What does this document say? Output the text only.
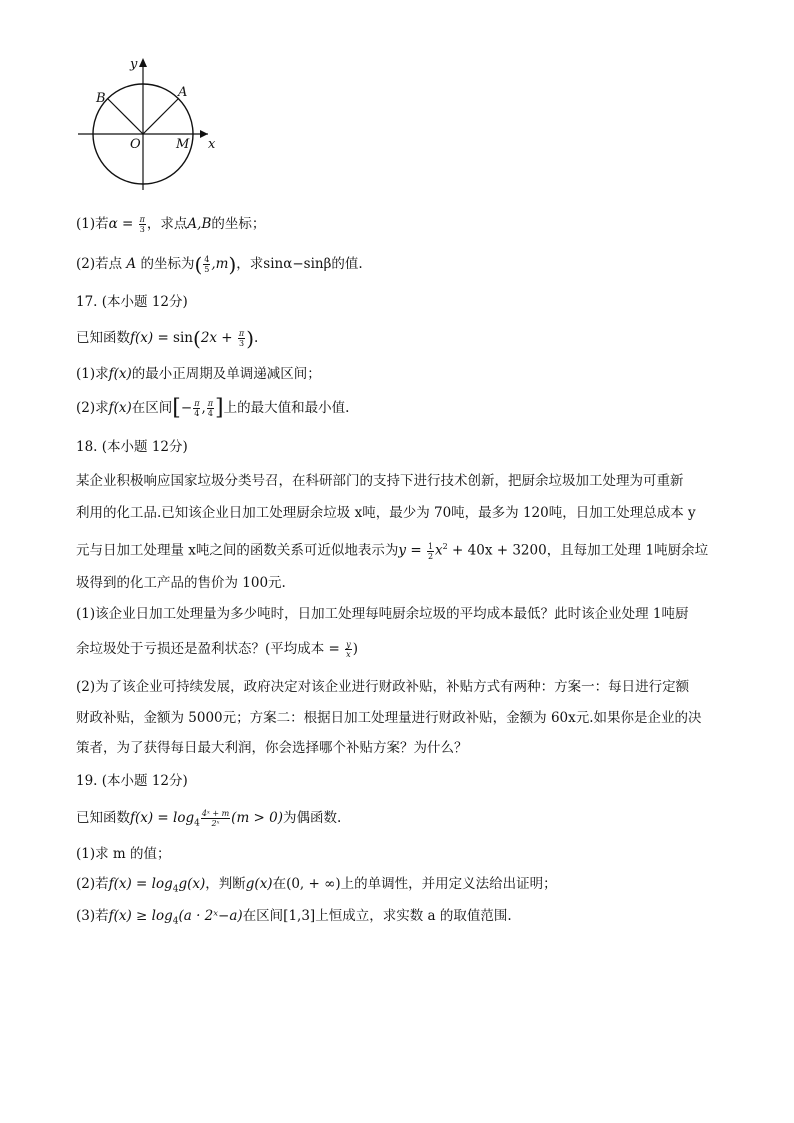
y
A
B
O	M x
(1)若$\alpha = \frac{\pi}{3}$ ，求点A,B的坐标；
(2)若点 A 的坐标为( $\frac{4}{5} ,m$)，求sinα−sinβ的值.
17. (本小题 12分)
已知函数$f(x) = \sin(2x + \frac{\pi}{3}$ ).
(1)求f(x)的最小正周期及单调递减区间；
(2)求f(x)在区间[− $\frac{\pi}{4}$ , $\frac{\pi}{4}$ ]上的最大值和最小值.
18. (本小题 12分)
某企业积极响应国家垃圾分类号召，在科研部门的支持下进行技术创新，把厨余垃圾加工处理为可重新
利用的化工品.已知该企业日加工处理厨余垃圾 x吨，最少为 70吨，最多为 120吨，日加工处理总成本 y
元与日加工处理量 x吨之间的函数关系可近似地表示为$y = \frac{1}{2} x^2 + 40x + 3200$，且每加工处理 1吨厨余垃
圾得到的化工产品的售价为 100元.
(1)该企业日加工处理量为多少吨时，日加工处理每吨厨余垃圾的平均成本最低？此时该企业处理 1吨厨
余垃圾处于亏损还是盈利状态？(平均成本 = $\frac{y}{x}$ )
(2)为了该企业可持续发展，政府决定对该企业进行财政补贴，补贴方式有两种：方案一：每日进行定额
财政补贴，金额为 5000元；方案二：根据日加工处理量进行财政补贴，金额为 60x元.如果你是企业的决
策者，为了获得每日最大利润，你会选择哪个补贴方案？为什么？
19. (本小题 12分)
已知函数$f(x) = \log_4 \frac{\text{4ˣ + m}}{\text{2ˣ}} (m > 0)$为偶函数.
(1)求 m 的值；
(2)若$f(x) = \log_4g(x)$，判断g(x)在(0, + ∞)上的单调性，并用定义法给出证明；
(3)若$f(x) \ge \log_4(a$ · 2ˣ−a)在区间[1,3]上恒成立，求实数 a 的取值范围.
